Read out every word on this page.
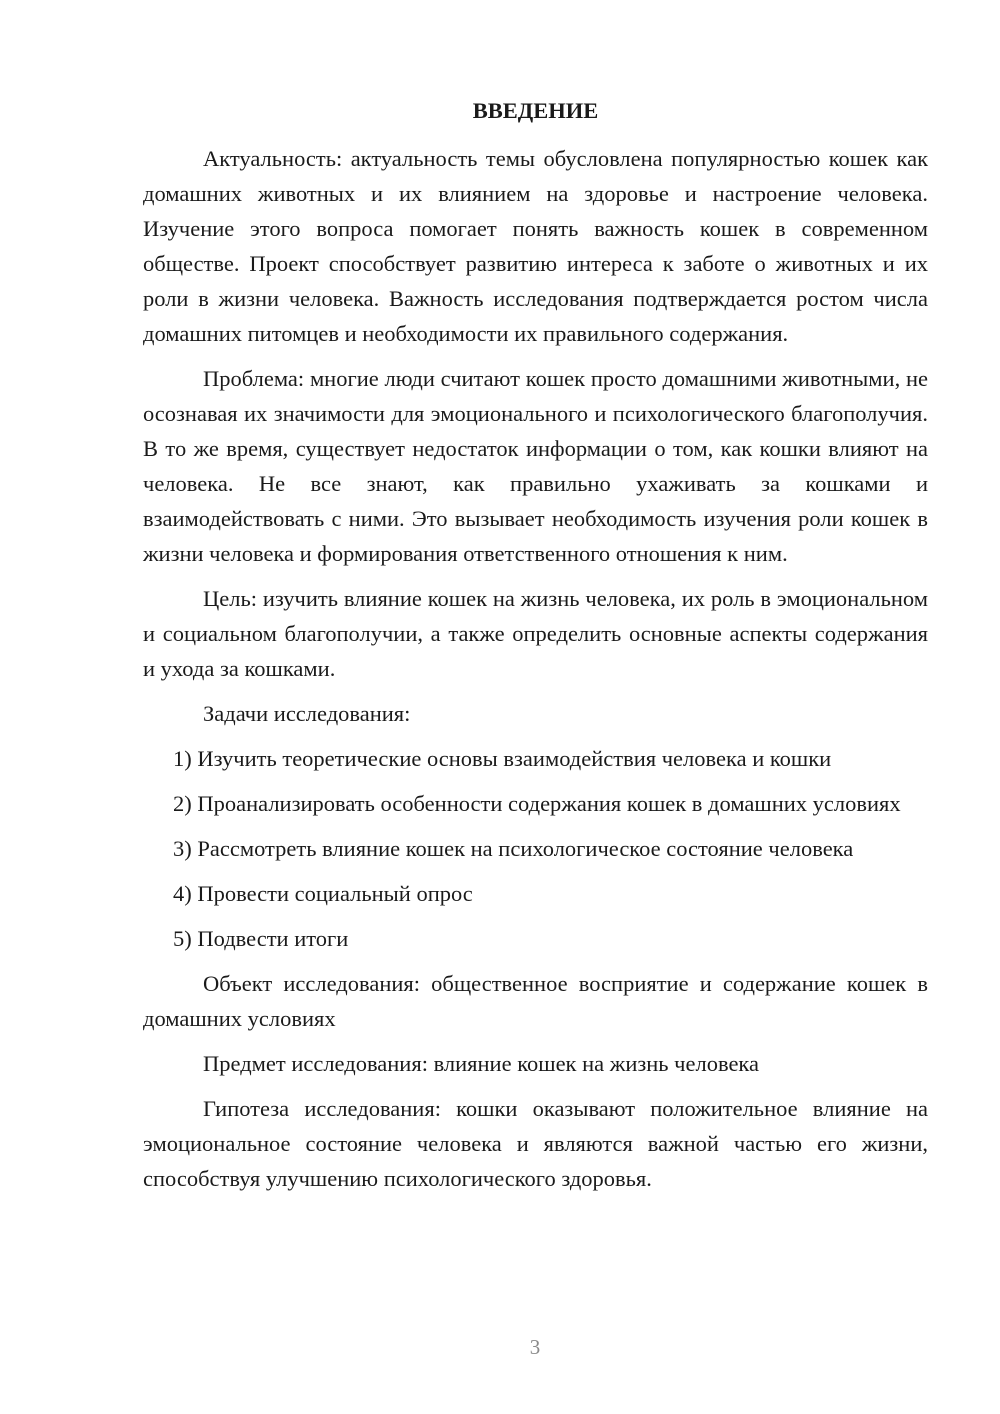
ВВЕДЕНИЕ

Актуальность: актуальность темы обусловлена популярностью кошек как домашних животных и их влиянием на здоровье и настроение человека. Изучение этого вопроса помогает понять важность кошек в современном обществе. Проект способствует развитию интереса к заботе о животных и их роли в жизни человека. Важность исследования подтверждается ростом числа домашних питомцев и необходимости их правильного содержания.

Проблема: многие люди считают кошек просто домашними животными, не осознавая их значимости для эмоционального и психологического благополучия. В то же время, существует недостаток информации о том, как кошки влияют на человека. Не все знают, как правильно ухаживать за кошками и взаимодействовать с ними. Это вызывает необходимость изучения роли кошек в жизни человека и формирования ответственного отношения к ним.

Цель: изучить влияние кошек на жизнь человека, их роль в эмоциональном и социальном благополучии, а также определить основные аспекты содержания и ухода за кошками.

Задачи исследования:

1) Изучить теоретические основы взаимодействия человека и кошки

2) Проанализировать особенности содержания кошек в домашних условиях

3) Рассмотреть влияние кошек на психологическое состояние человека

4) Провести социальный опрос

5) Подвести итоги

Объект исследования: общественное восприятие и содержание кошек в домашних условиях

Предмет исследования: влияние кошек на жизнь человека

Гипотеза исследования: кошки оказывают положительное влияние на эмоциональное состояние человека и являются важной частью его жизни, способствуя улучшению психологического здоровья.

3
